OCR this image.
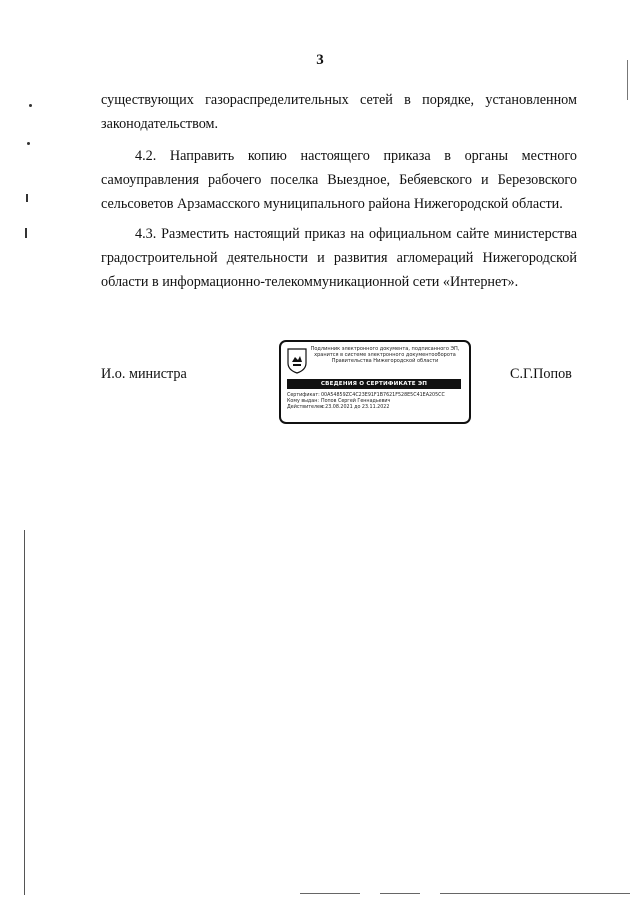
3
существующих газораспределительных сетей в порядке, установленном
законодательством.
4.2. Направить копию настоящего приказа в органы местного
самоуправления рабочего поселка Выездное, Бебяевского и Березовского
сельсоветов Арзамасского муниципального района Нижегородской области.
4.3. Разместить настоящий приказ на официальном сайте министерства
градостроительной деятельности и развития агломераций Нижегородской
области в информационно-телекоммуникационной сети «Интернет».
И.о. министра	С.Г.Попов
Подлинник электронного документа, подписанного ЭП,
хранится в системе электронного документооборота
Правительства Нижегородской области
СВЕДЕНИЯ О СЕРТИФИКАТЕ ЭП
Сертификат:00A54859ZC4C23E91F1B7621F528E5C41EA205CC
Кому выдан: Попов Сергей Геннадьевич
Действителен:с 23.08.2021 до 23.11.2022
